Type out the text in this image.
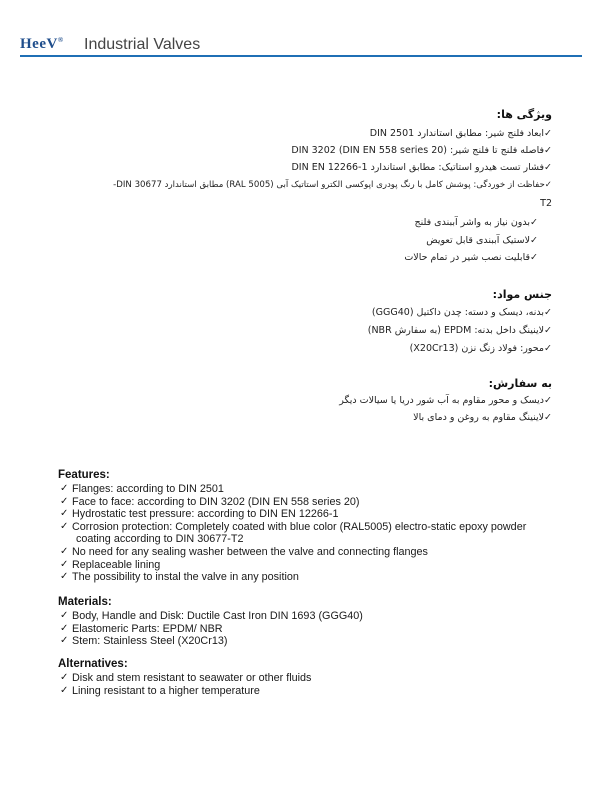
HeeV® Industrial Valves
ویژگی ها:
✓ابعاد فلنج شیر: مطابق استاندارد DIN 2501
✓فاصله فلنج تا فلنج شیر: DIN 3202 (DIN EN 558 series 20)
✓فشار تست هیدرو استاتیک: مطابق استاندارد DIN EN 12266-1
✓حفاظت از خوردگی: پوشش کامل با رنگ پودری اپوکسی الکترو استاتیک آبی (RAL 5005) مطابق استاندارد DIN 30677-
T2
✓بدون نیاز به واشر آببندی فلنج
✓لاستیک آببندی قابل تعویض
✓قابلیت نصب شیر در تمام حالات
جنس مواد:
✓بدنه، دیسک و دسته: چدن داکتیل (GGG40)
✓لاینینگ داخل بدنه: EPDM (به سفارش NBR)
✓محور: فولاد زنگ نزن (X20Cr13)
به سفارش:
✓دیسک و محور مقاوم به آب شور دریا یا سیالات دیگر
✓لاینینگ مقاوم به روغن و دمای بالا
Features:
✓ Flanges: according to DIN 2501
✓ Face to face: according to DIN 3202 (DIN EN 558 series 20)
✓ Hydrostatic test pressure: according to DIN EN 12266-1
✓ Corrosion protection: Completely coated with blue color (RAL5005) electro-static epoxy powder
coating according to DIN 30677-T2
✓ No need for any sealing washer between the valve and connecting flanges
✓ Replaceable lining
✓ The possibility to instal the valve in any position
Materials:
✓ Body, Handle and Disk: Ductile Cast Iron DIN 1693 (GGG40)
✓ Elastomeric Parts: EPDM/ NBR
✓ Stem: Stainless Steel (X20Cr13)
Alternatives:
✓ Disk and stem resistant to seawater or other fluids
✓ Lining resistant to a higher temperature
